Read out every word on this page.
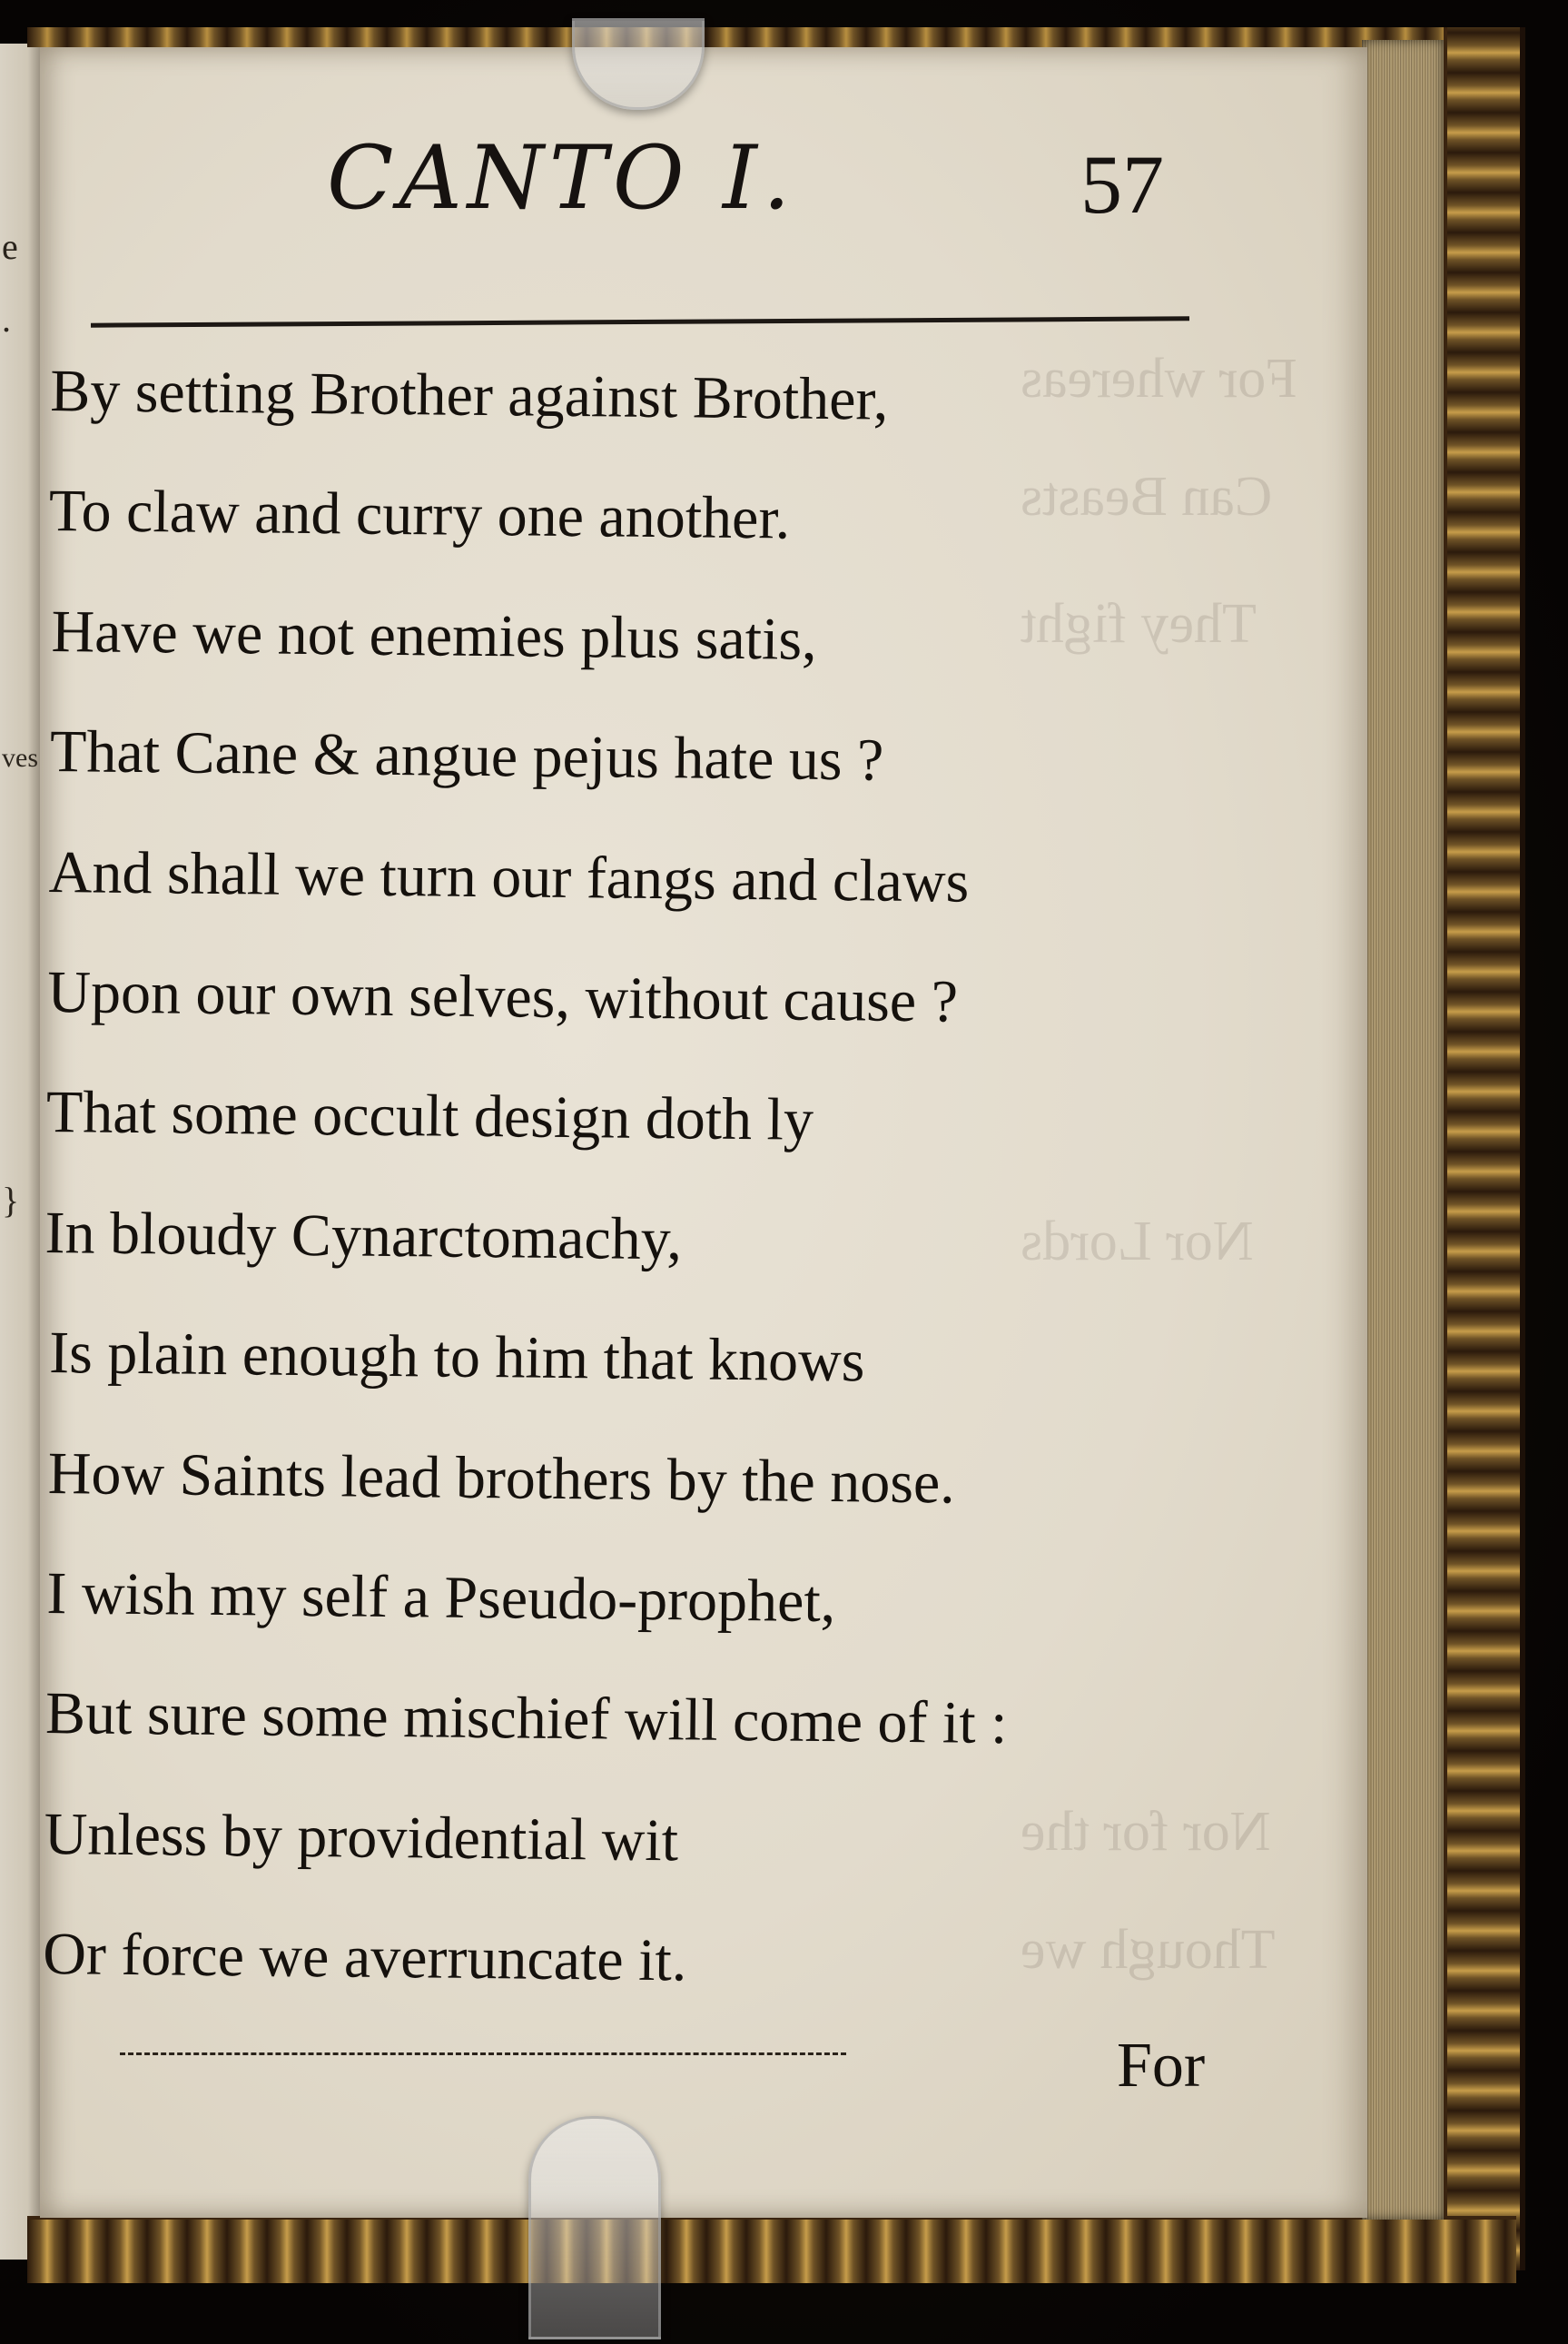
e
.
ves
}
For whereas
Can Beasts
They fight
Nor Lords
Nor for the
Though we
CANTO I.	57
By setting Brother against Brother,
To claw and curry one another.
Have we not enemies plus satis,
That Cane & angue pejus hate us ?
And shall we turn our fangs and claws
Upon our own selves, without cause ?
That some occult design doth ly
In bloudy Cynarctomachy,
Is plain enough to him that knows
How Saints lead brothers by the nose.
I wish my self a Pseudo-prophet,
But sure some mischief will come of it :
Unless by providential wit
Or force we averruncate it.
For
